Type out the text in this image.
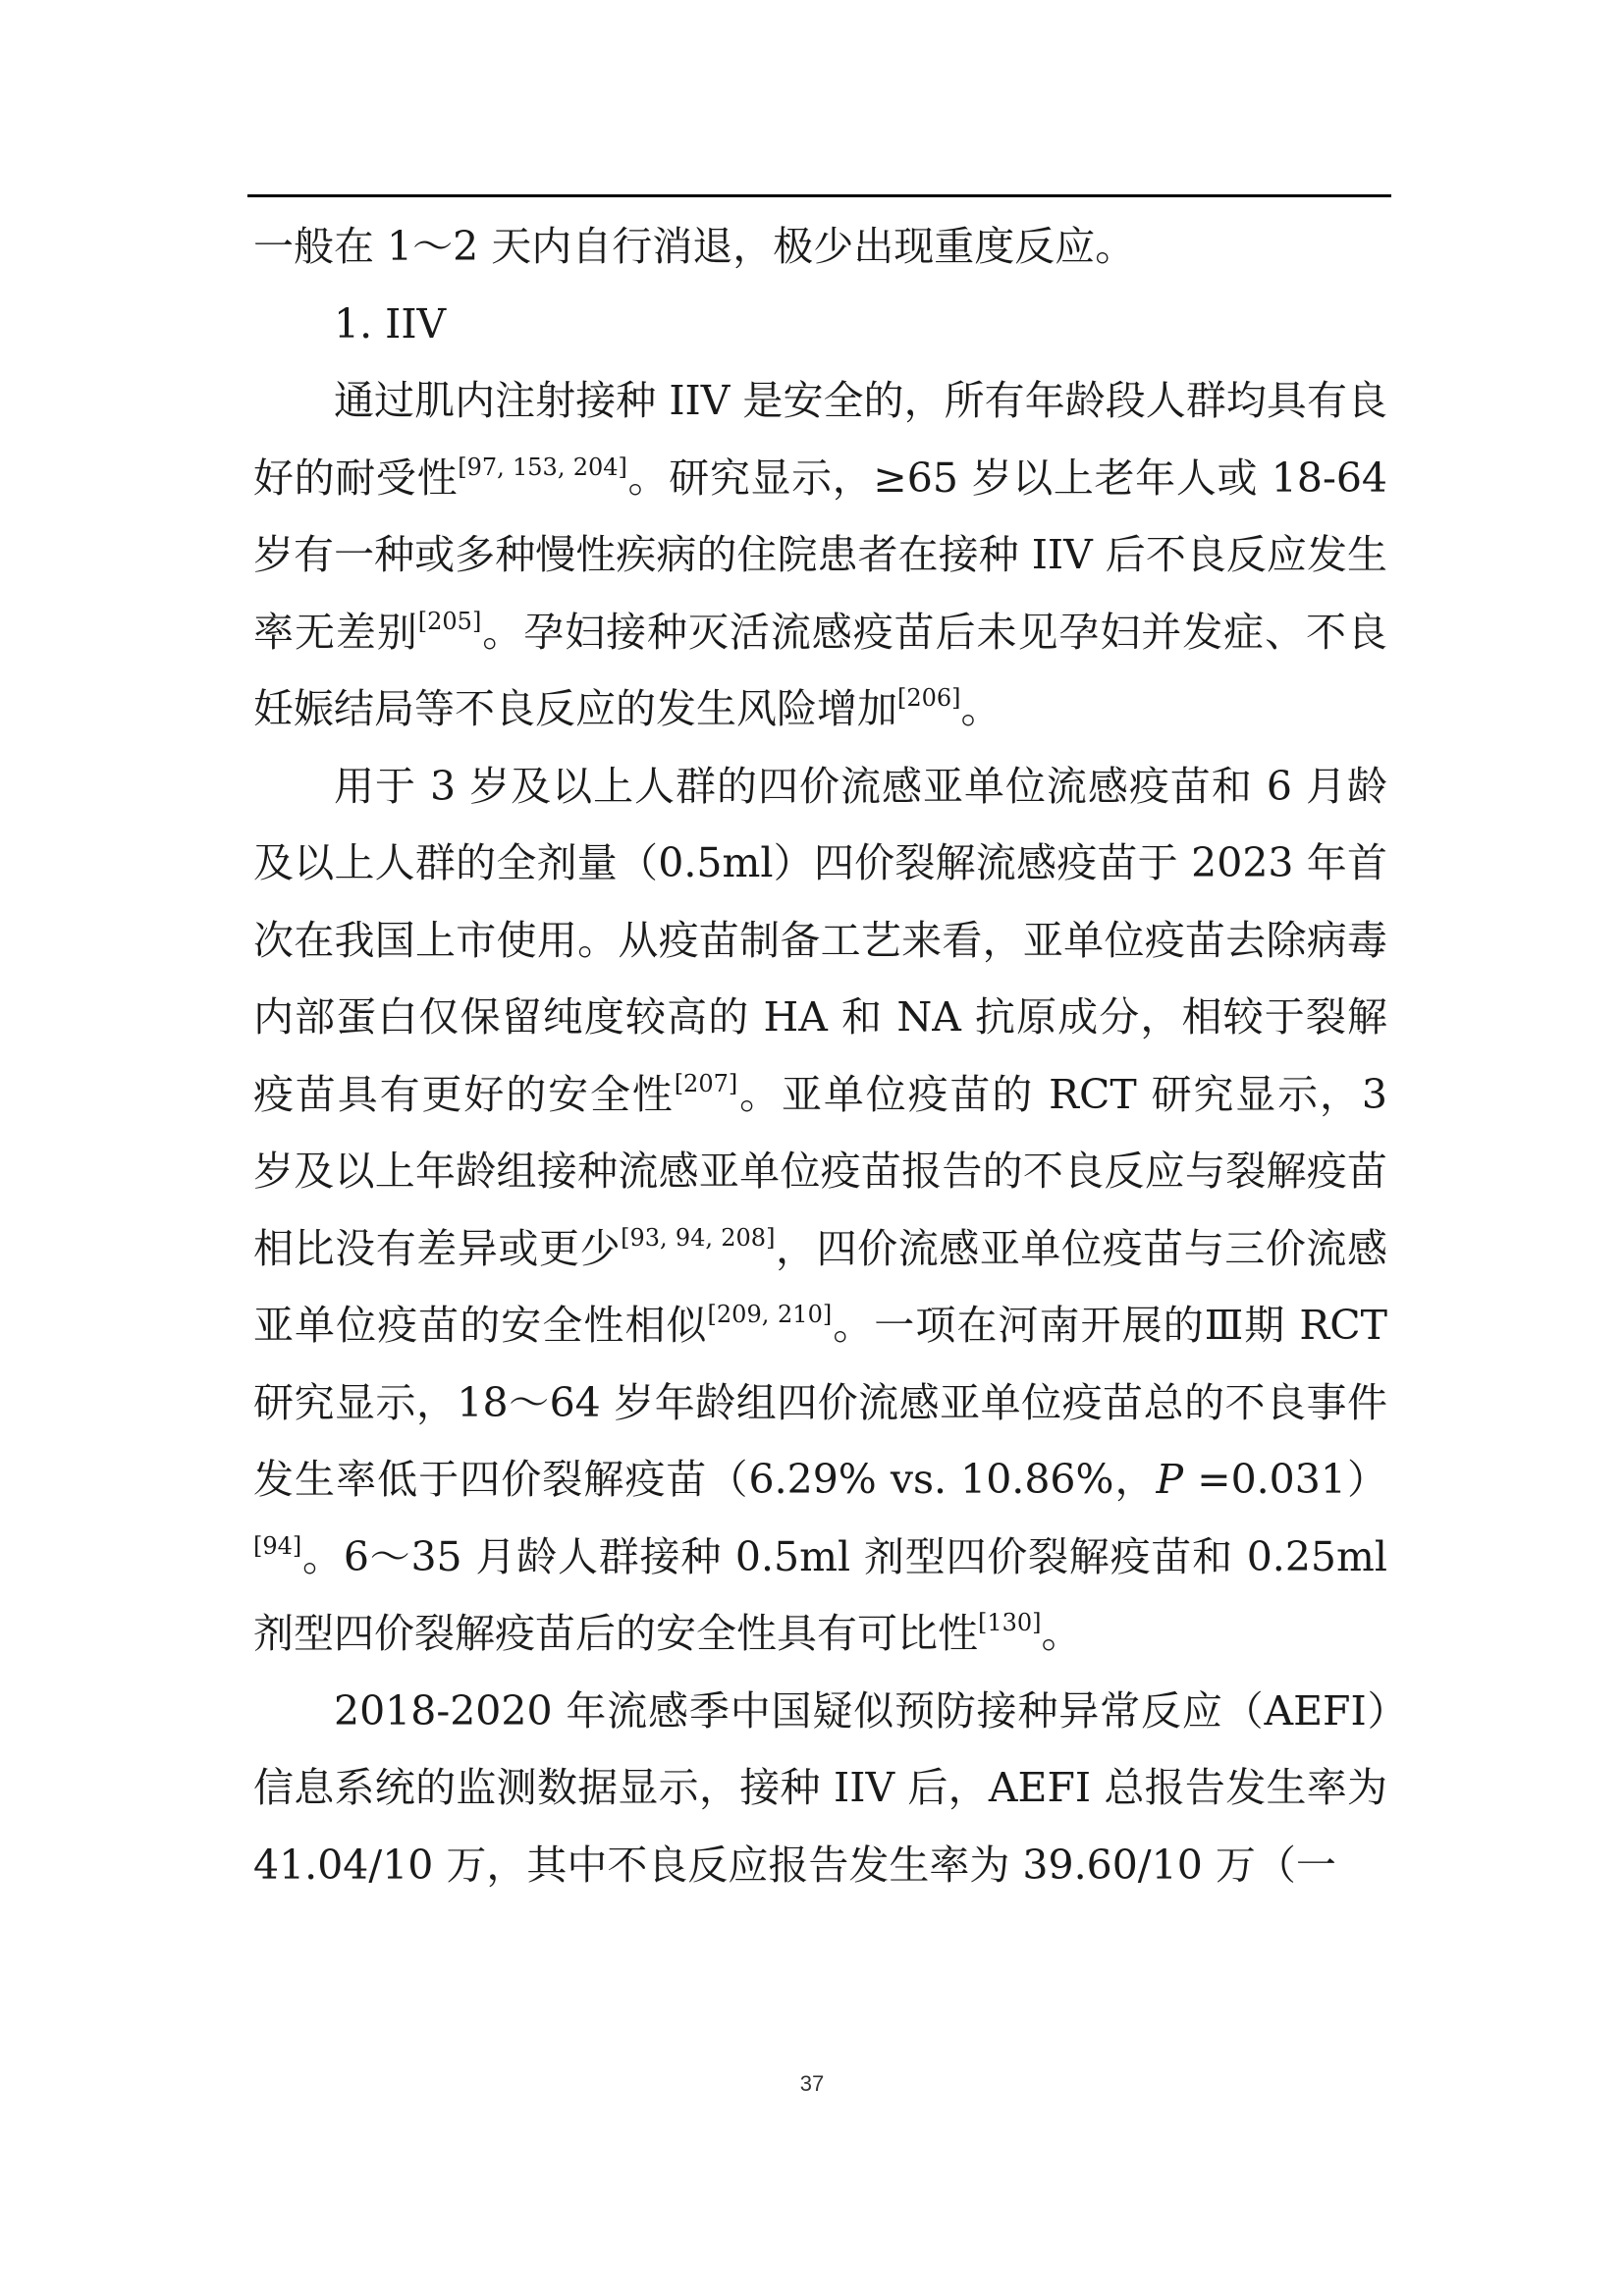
一般在 1～2 天内自行消退，极少出现重度反应。

1. IIV

通过肌内注射接种 IIV 是安全的，所有年龄段人群均具有良好的耐受性[97, 153, 204]。研究显示，≥65 岁以上老年人或 18-64 岁有一种或多种慢性疾病的住院患者在接种 IIV 后不良反应发生率无差别[205]。孕妇接种灭活流感疫苗后未见孕妇并发症、不良妊娠结局等不良反应的发生风险增加[206]。

用于 3 岁及以上人群的四价流感亚单位流感疫苗和 6 月龄及以上人群的全剂量（0.5ml）四价裂解流感疫苗于 2023 年首次在我国上市使用。从疫苗制备工艺来看，亚单位疫苗去除病毒内部蛋白仅保留纯度较高的 HA 和 NA 抗原成分，相较于裂解疫苗具有更好的安全性[207]。亚单位疫苗的 RCT 研究显示，3 岁及以上年龄组接种流感亚单位疫苗报告的不良反应与裂解疫苗相比没有差异或更少[93, 94, 208]，四价流感亚单位疫苗与三价流感亚单位疫苗的安全性相似[209, 210]。一项在河南开展的Ⅲ期 RCT 研究显示，18～64 岁年龄组四价流感亚单位疫苗总的不良事件发生率低于四价裂解疫苗（6.29% vs. 10.86%，P =0.031）[94]。6～35 月龄人群接种 0.5ml 剂型四价裂解疫苗和 0.25ml 剂型四价裂解疫苗后的安全性具有可比性[130]。

2018-2020 年流感季中国疑似预防接种异常反应（AEFI）信息系统的监测数据显示，接种 IIV 后，AEFI 总报告发生率为 41.04/10 万，其中不良反应报告发生率为 39.60/10 万（一

37
